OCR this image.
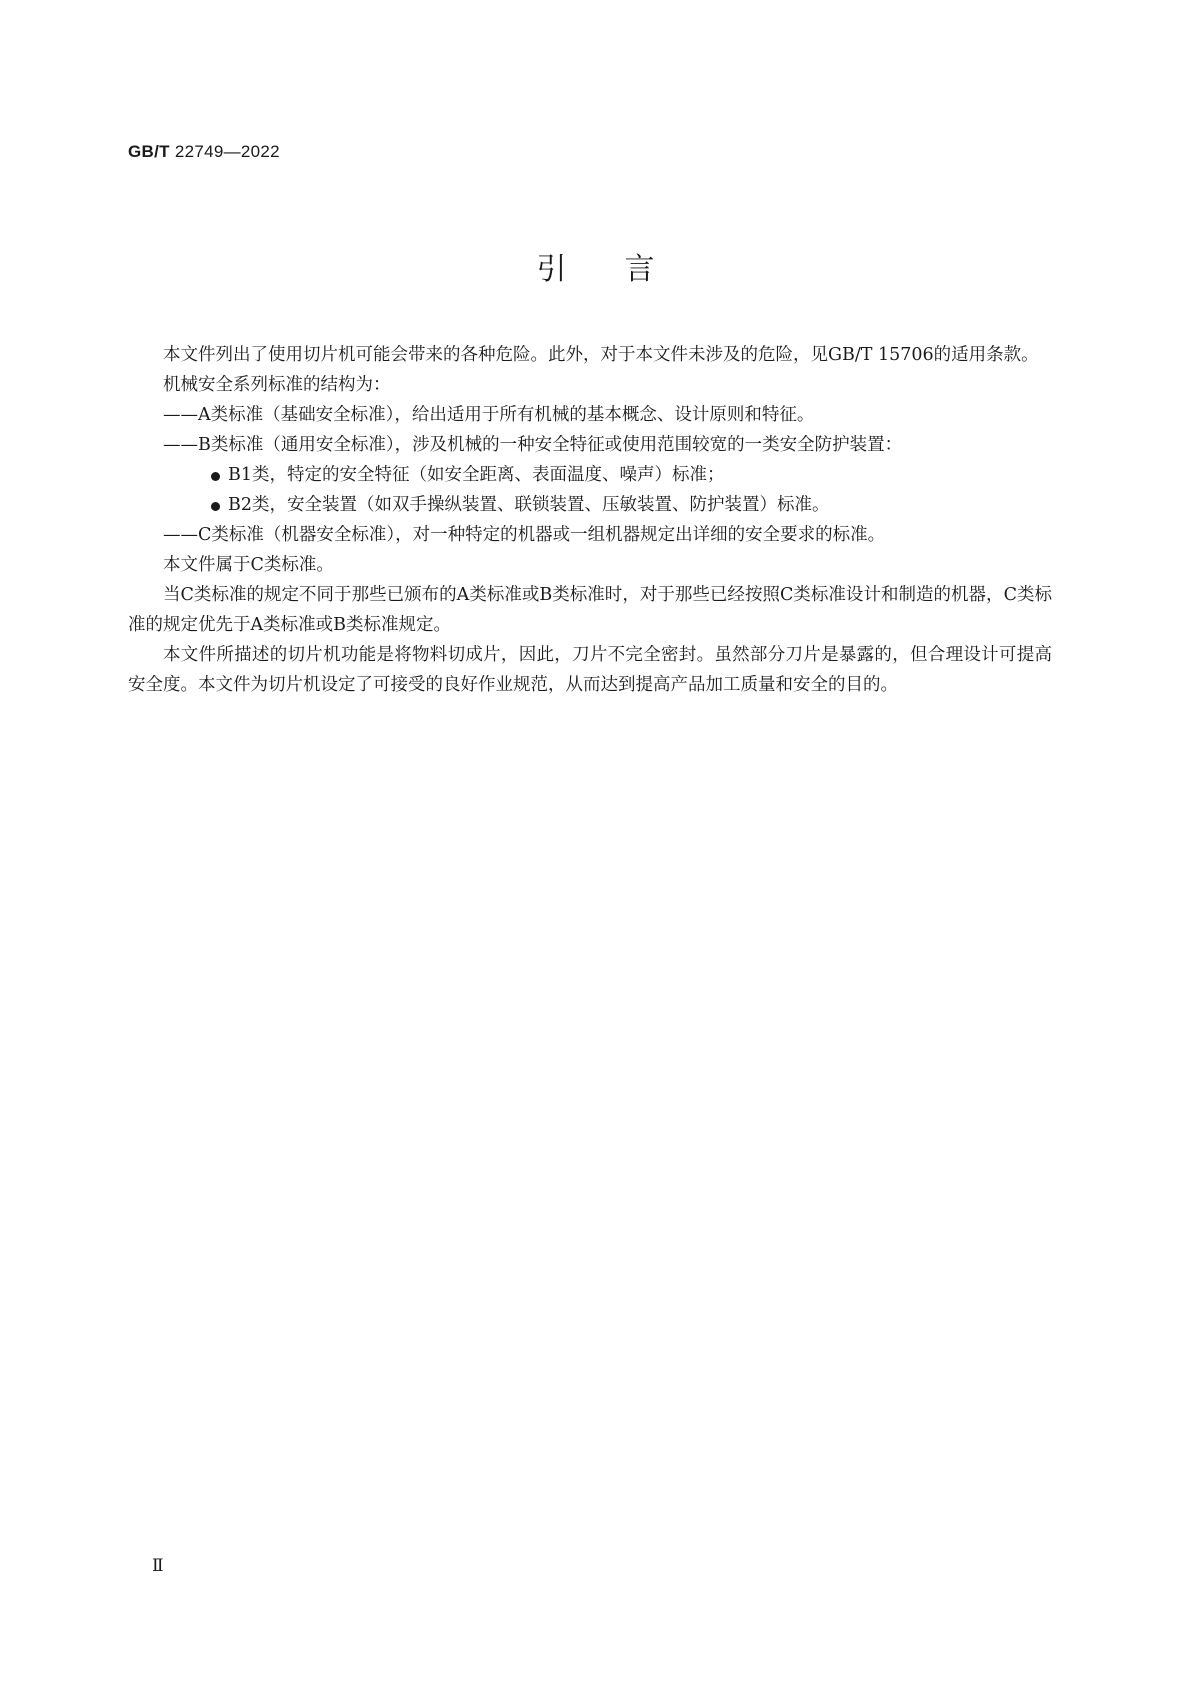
GB/T 22749—2022
引言

本文件列出了使用切片机可能会带来的各种危险。此外，对于本文件未涉及的危险，见GB/T 15706的适用条款。

机械安全系列标准的结构为：

——A类标准（基础安全标准），给出适用于所有机械的基本概念、设计原则和特征。

——B类标准（通用安全标准），涉及机械的一种安全特征或使用范围较宽的一类安全防护装置：

B1类，特定的安全特征（如安全距离、表面温度、噪声）标准；

B2类，安全装置（如双手操纵装置、联锁装置、压敏装置、防护装置）标准。

——C类标准（机器安全标准），对一种特定的机器或一组机器规定出详细的安全要求的标准。

本文件属于C类标准。

当C类标准的规定不同于那些已颁布的A类标准或B类标准时，对于那些已经按照C类标准设计和制造的机器，C类标准的规定优先于A类标准或B类标准规定。

本文件所描述的切片机功能是将物料切成片，因此，刀片不完全密封。虽然部分刀片是暴露的，但合理设计可提高安全度。本文件为切片机设定了可接受的良好作业规范，从而达到提高产品加工质量和安全的目的。

Ⅱ
